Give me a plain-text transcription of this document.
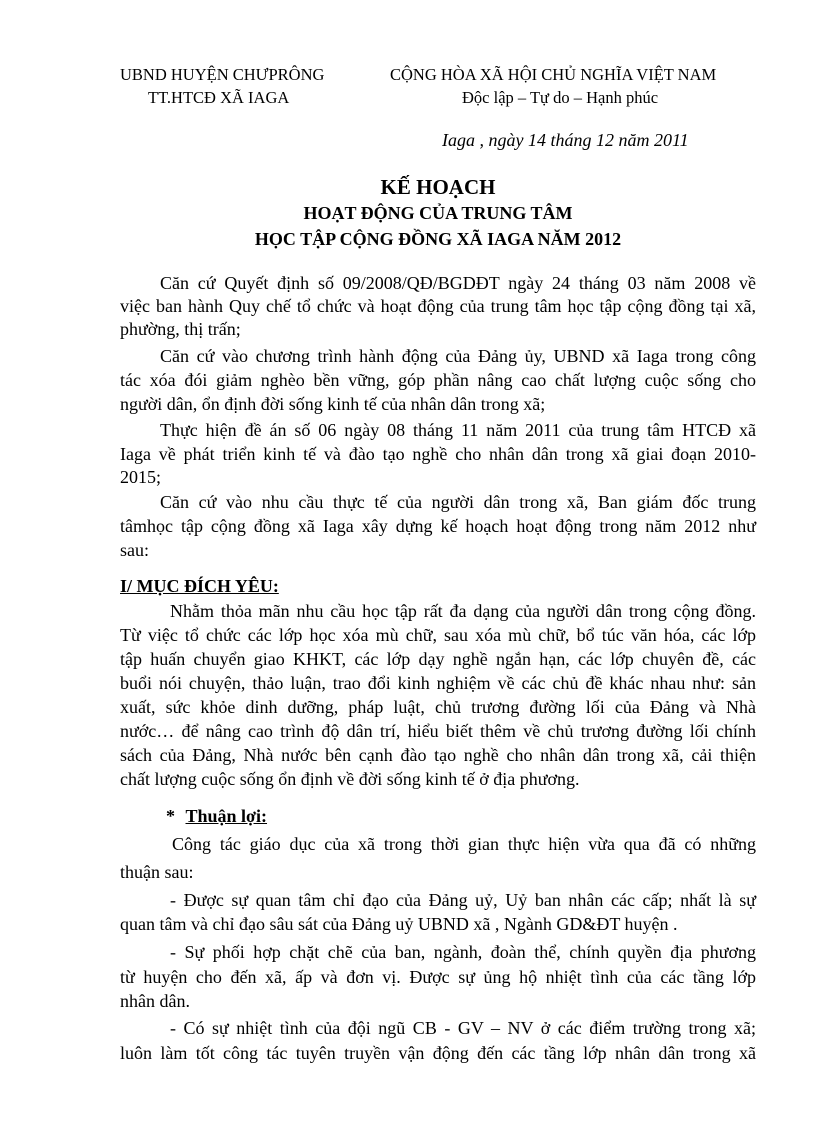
UBND HUYỆN CHƯPRÔNG
TT.HTCĐ XÃ IAGA
CỘNG HÒA XÃ HỘI CHỦ NGHĨA VIỆT NAM
Độc lập – Tự do – Hạnh phúc
Iaga , ngày 14 tháng 12 năm 2011
KẾ HOẠCH
HOẠT ĐỘNG CỦA TRUNG TÂM
HỌC TẬP CỘNG ĐỒNG XÃ IAGA NĂM 2012
Căn cứ Quyết định số 09/2008/QĐ/BGDĐT ngày 24 tháng 03 năm 2008 về
việc ban hành Quy chế tổ chức và hoạt động của trung tâm học tập cộng đồng tại xã,
phường, thị trấn;
Căn cứ vào chương trình hành động của Đảng ủy, UBND xã Iaga trong công
tác xóa đói giảm nghèo bền vững, góp phần nâng cao chất lượng cuộc sống cho
người dân, ổn định đời sống kinh tế của nhân dân trong xã;
Thực hiện đề án số 06 ngày 08 tháng 11 năm 2011 của trung tâm HTCĐ xã
Iaga về phát triển kinh tế và đào tạo nghề cho nhân dân trong xã giai đoạn 2010-
2015;
Căn cứ vào nhu cầu thực tế của người dân trong xã, Ban giám đốc trung
tâmhọc tập cộng đồng xã Iaga xây dựng kế hoạch hoạt động trong năm 2012 như
sau:
I/ MỤC ĐÍCH YÊU:
Nhằm thỏa mãn nhu cầu học tập rất đa dạng của người dân trong cộng đồng.
Từ việc tổ chức các lớp học xóa mù chữ, sau xóa mù chữ, bổ túc văn hóa, các lớp
tập huấn chuyển giao KHKT, các lớp dạy nghề ngắn hạn, các lớp chuyên đề, các
buổi nói chuyện, thảo luận, trao đổi kinh nghiệm về các chủ đề khác nhau như: sản
xuất, sức khỏe dinh dưỡng, pháp luật, chủ trương đường lối của Đảng và Nhà
nước… để nâng cao trình độ dân trí, hiểu biết thêm về chủ trương đường lối chính
sách của Đảng, Nhà nước bên cạnh đào tạo nghề cho nhân dân trong xã, cải thiện
chất lượng cuộc sống ổn định về đời sống kinh tế ở địa phương.
* Thuận lợi:
Công tác giáo dục của xã trong thời gian thực hiện vừa qua đã có những
thuận sau:
- Được sự quan tâm chỉ đạo của Đảng uỷ, Uỷ ban nhân các cấp; nhất là sự
quan tâm và chỉ đạo sâu sát của Đảng uỷ UBND xã , Ngành GD&ĐT huyện .
- Sự phối hợp chặt chẽ của ban, ngành, đoàn thể, chính quyền địa phương
từ huyện cho đến xã, ấp và đơn vị. Được sự ủng hộ nhiệt tình của các tầng lớp
nhân dân.
- Có sự nhiệt tình của đội ngũ CB - GV – NV ở các điểm trường trong xã;
luôn làm tốt công tác tuyên truyền vận động đến các tầng lớp nhân dân trong xã
